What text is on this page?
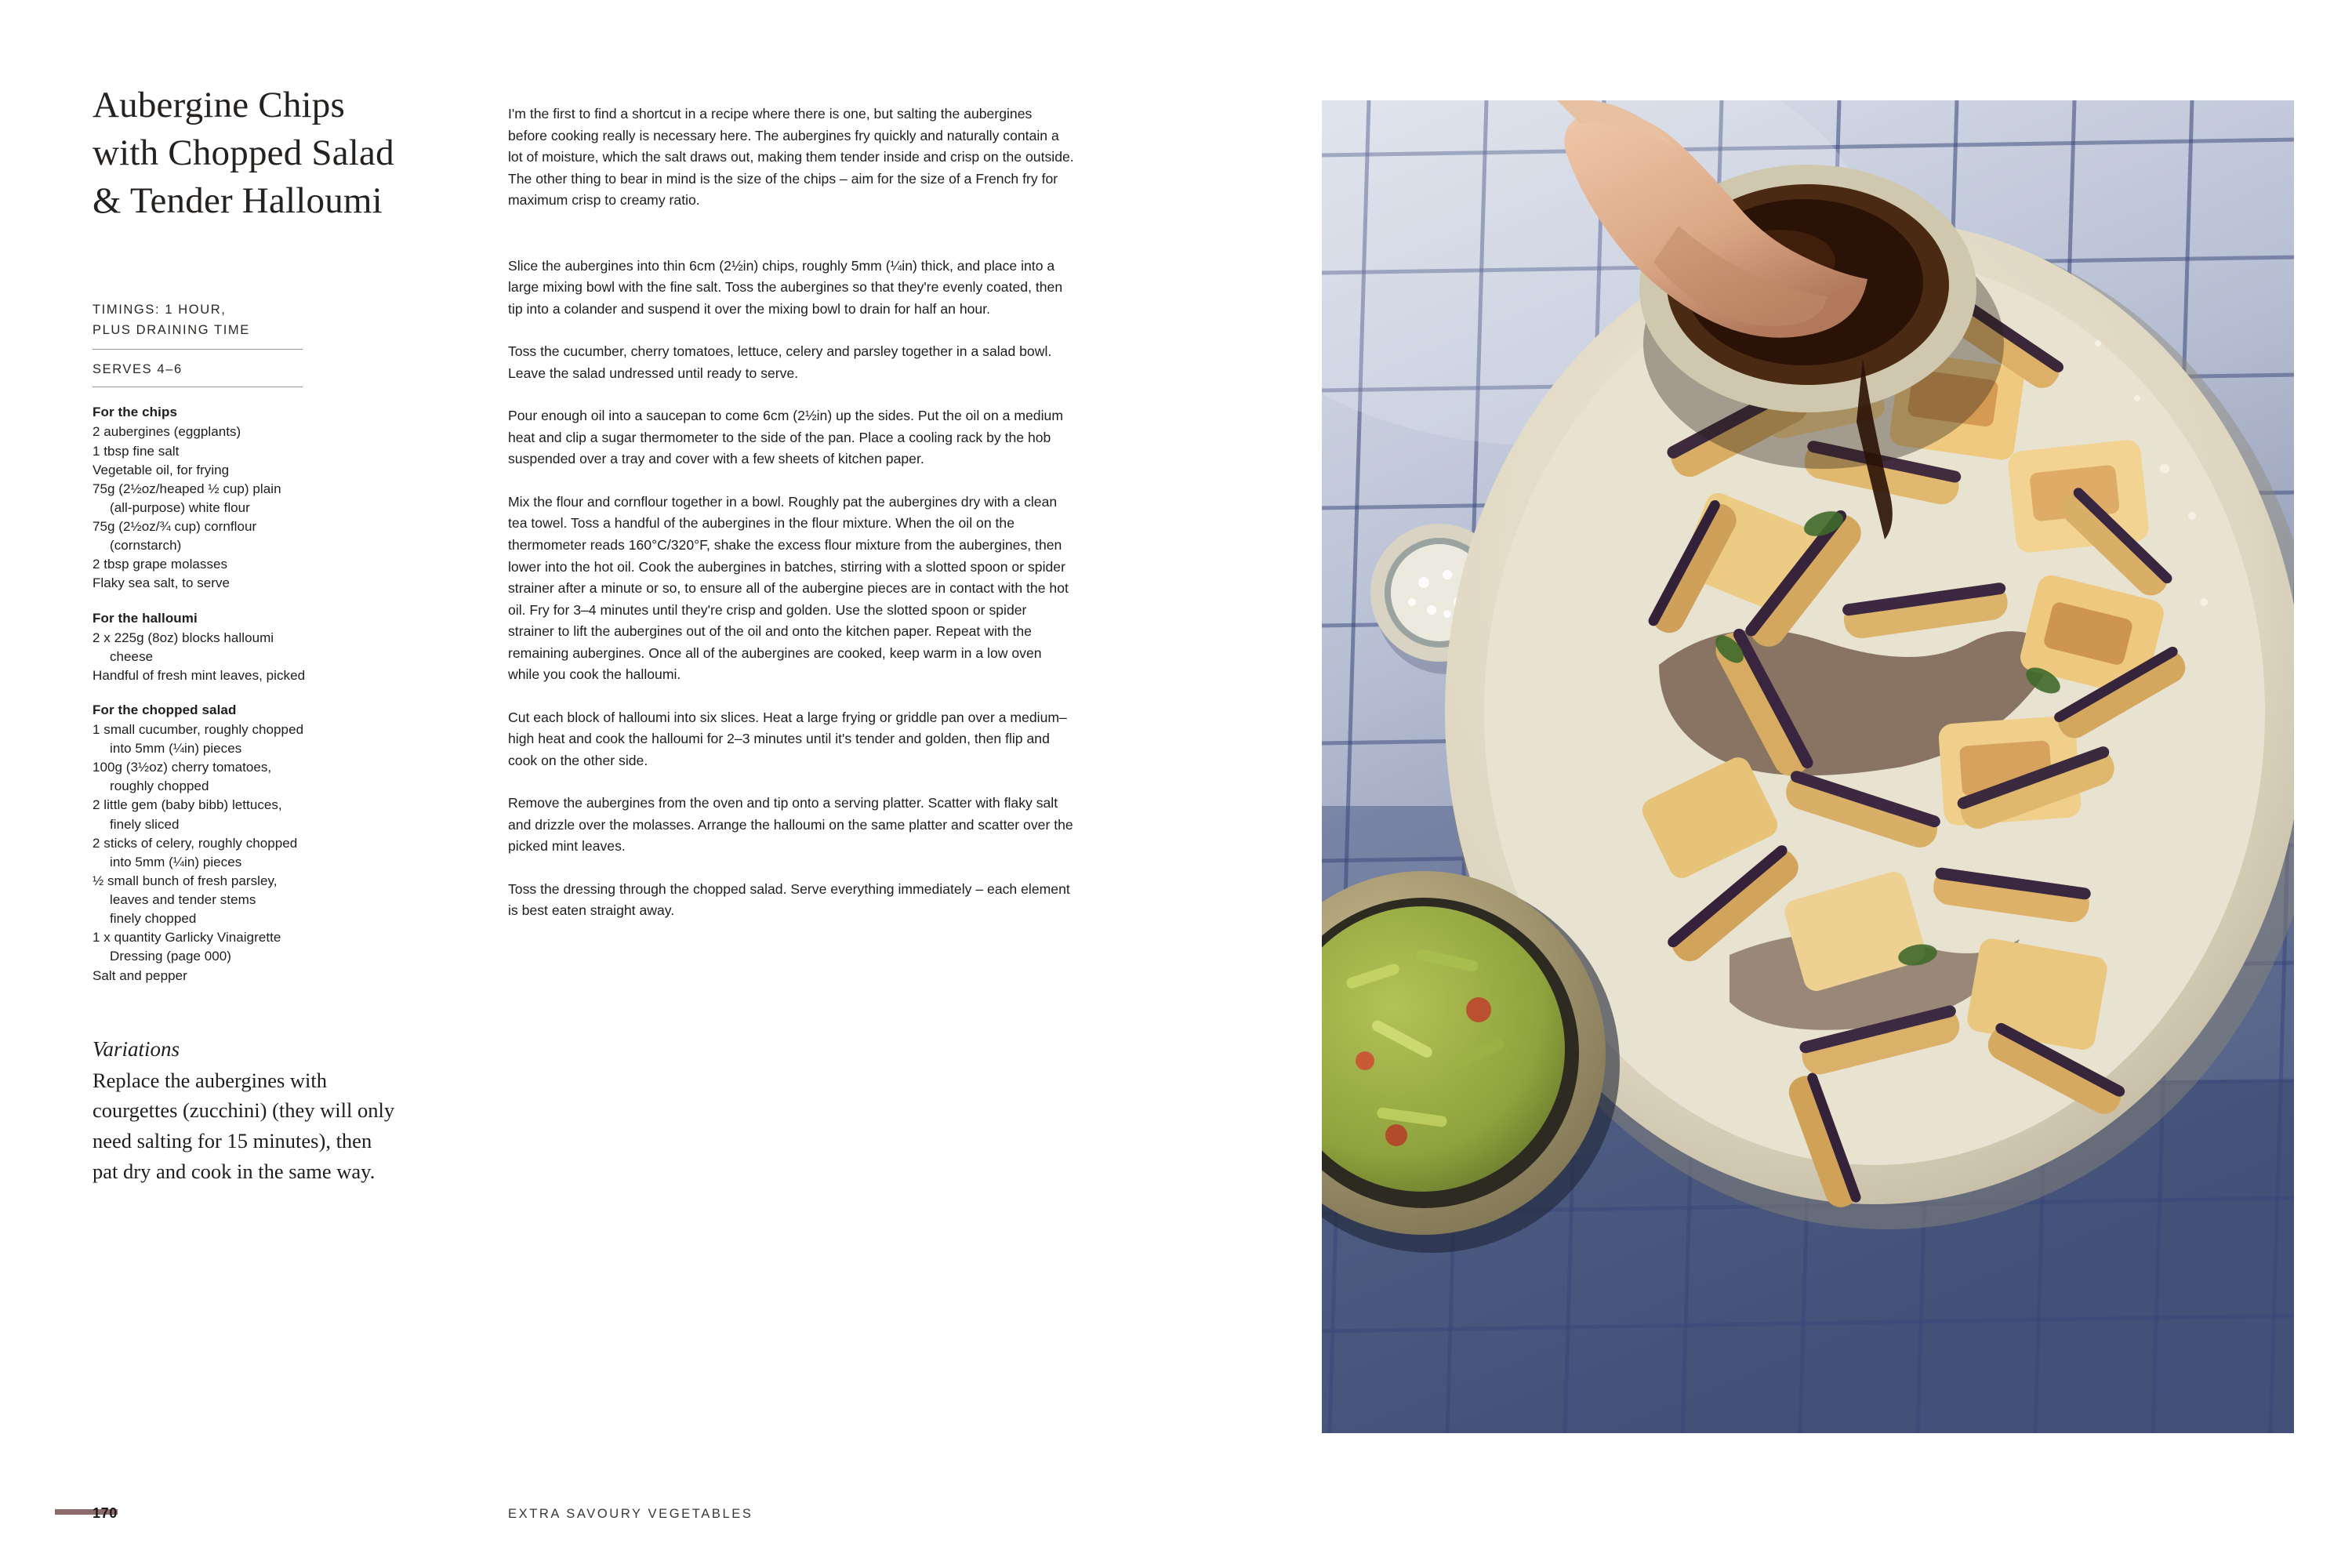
Aubergine Chips
with Chopped Salad
& Tender Halloumi
TIMINGS: 1 HOUR,
PLUS DRAINING TIME
SERVES 4–6
For the chips
2 aubergines (eggplants)
1 tbsp fine salt
Vegetable oil, for frying
75g (2½oz/heaped ½ cup) plain
(all-purpose) white flour
75g (2½oz/¾ cup) cornflour
(cornstarch)
2 tbsp grape molasses
Flaky sea salt, to serve
For the halloumi
2 x 225g (8oz) blocks halloumi
cheese
Handful of fresh mint leaves, picked
For the chopped salad
1 small cucumber, roughly chopped
into 5mm (¼in) pieces
100g (3½oz) cherry tomatoes,
roughly chopped
2 little gem (baby bibb) lettuces,
finely sliced
2 sticks of celery, roughly chopped
into 5mm (¼in) pieces
½ small bunch of fresh parsley,
leaves and tender stems
finely chopped
1 x quantity Garlicky Vinaigrette
Dressing (page 000)
Salt and pepper
Variations
Replace the aubergines with courgettes (zucchini) (they will only need salting for 15 minutes), then pat dry and cook in the same way.

I'm the first to find a shortcut in a recipe where there is one, but salting the aubergines before cooking really is necessary here. The aubergines fry quickly and naturally contain a lot of moisture, which the salt draws out, making them tender inside and crisp on the outside. The other thing to bear in mind is the size of the chips – aim for the size of a French fry for maximum crisp to creamy ratio.

Slice the aubergines into thin 6cm (2½in) chips, roughly 5mm (¼in) thick, and place into a large mixing bowl with the fine salt. Toss the aubergines so that they're evenly coated, then tip into a colander and suspend it over the mixing bowl to drain for half an hour.

Toss the cucumber, cherry tomatoes, lettuce, celery and parsley together in a salad bowl. Leave the salad undressed until ready to serve.

Pour enough oil into a saucepan to come 6cm (2½in) up the sides. Put the oil on a medium heat and clip a sugar thermometer to the side of the pan. Place a cooling rack by the hob suspended over a tray and cover with a few sheets of kitchen paper.

Mix the flour and cornflour together in a bowl. Roughly pat the aubergines dry with a clean tea towel. Toss a handful of the aubergines in the flour mixture. When the oil on the thermometer reads 160°C/320°F, shake the excess flour mixture from the aubergines, then lower into the hot oil. Cook the aubergines in batches, stirring with a slotted spoon or spider strainer after a minute or so, to ensure all of the aubergine pieces are in contact with the hot oil. Fry for 3–4 minutes until they're crisp and golden. Use the slotted spoon or spider strainer to lift the aubergines out of the oil and onto the kitchen paper. Repeat with the remaining aubergines. Once all of the aubergines are cooked, keep warm in a low oven while you cook the halloumi.

Cut each block of halloumi into six slices. Heat a large frying or griddle pan over a medium–high heat and cook the halloumi for 2–3 minutes until it's tender and golden, then flip and cook on the other side.

Remove the aubergines from the oven and tip onto a serving platter. Scatter with flaky salt and drizzle over the molasses. Arrange the halloumi on the same platter and scatter over the picked mint leaves.

Toss the dressing through the chopped salad. Serve everything immediately – each element is best eaten straight away.

170	EXTRA SAVOURY VEGETABLES
